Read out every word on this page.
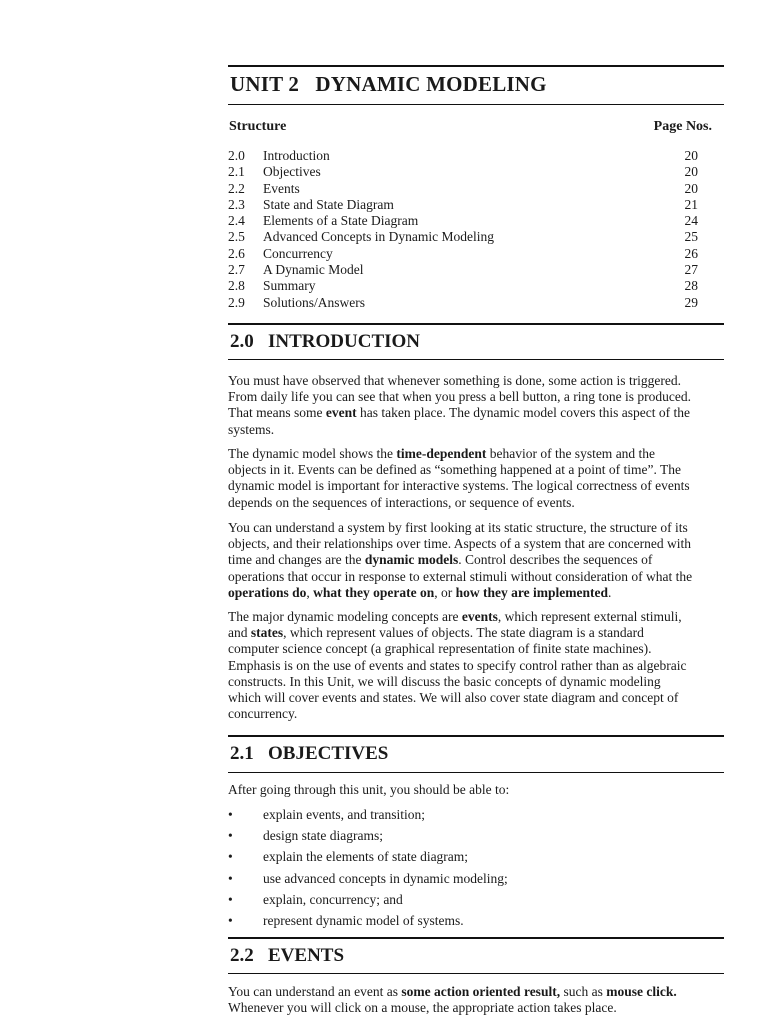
UNIT 2   DYNAMIC MODELING
Structure	Page Nos.
2.0 Introduction	20
2.1 Objectives	20
2.2 Events	20
2.3 State and State Diagram	21
2.4 Elements of a State Diagram	24
2.5 Advanced Concepts in Dynamic Modeling	25
2.6 Concurrency	26
2.7 A Dynamic Model	27
2.8 Summary	28
2.9 Solutions/Answers	29
2.0   INTRODUCTION

You must have observed that whenever something is done, some action is triggered.
From daily life you can see that when you press a bell button, a ring tone is produced.
That means some event has taken place. The dynamic model covers this aspect of the
systems.

The dynamic model shows the time-dependent behavior of the system and the
objects in it. Events can be defined as “something happened at a point of time”. The
dynamic model is important for interactive systems. The logical correctness of events
depends on the sequences of interactions, or sequence of events.

You can understand a system by first looking at its static structure, the structure of its
objects, and their relationships over time. Aspects of a system that are concerned with
time and changes are the dynamic models. Control describes the sequences of
operations that occur in response to external stimuli without consideration of what the
operations do, what they operate on, or how they are implemented.

The major dynamic modeling concepts are events, which represent external stimuli,
and states, which represent values of objects. The state diagram is a standard
computer science concept (a graphical representation of finite state machines).
Emphasis is on the use of events and states to specify control rather than as algebraic
constructs. In this Unit, we will discuss the basic concepts of dynamic modeling
which will cover events and states. We will also cover state diagram and concept of
concurrency.

2.1   OBJECTIVES

After going through this unit, you should be able to:

• explain events, and transition;
• design state diagrams;
• explain the elements of state diagram;
• use advanced concepts in dynamic modeling;
• explain, concurrency; and
• represent dynamic model of systems.
2.2   EVENTS

You can understand an event as some action oriented result, such as mouse click.
Whenever you will click on a mouse, the appropriate action takes place.
